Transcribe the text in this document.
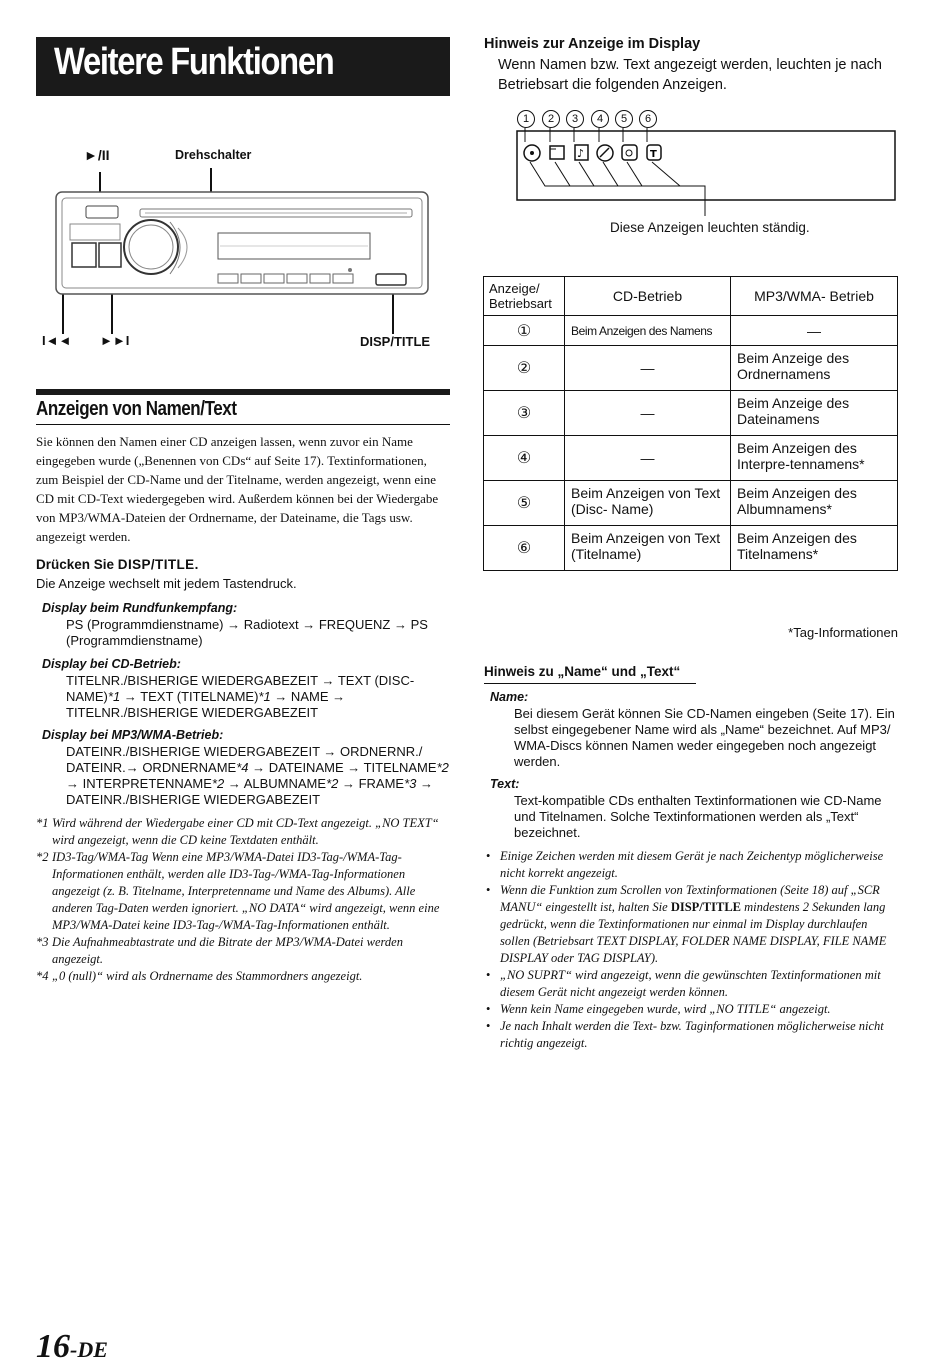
Weitere Funktionen
►/II	Drehschalter
I◄◄ ►►I	DISP/TITLE
Anzeigen von Namen/Text
Sie können den Namen einer CD anzeigen lassen, wenn zuvor ein Name eingegeben wurde („Benennen von CDs“ auf Seite 17). Textinformationen, zum Beispiel der CD-Name und der Titelname, werden angezeigt, wenn eine CD mit CD-Text wiedergegeben wird. Außerdem können bei der Wiedergabe von MP3/WMA-Dateien der Ordnername, der Dateiname, die Tags usw. angezeigt werden.
Drücken Sie DISP/TITLE.
Die Anzeige wechselt mit jedem Tastendruck.
Display beim Rundfunkempfang:
PS (Programmdienstname) → Radiotext → FREQUENZ → PS (Programmdienstname)
Display bei CD-Betrieb:
TITELNR./BISHERIGE WIEDERGABEZEIT → TEXT (DISC-NAME)*1 → TEXT (TITELNAME)*1 → NAME → TITELNR./BISHERIGE WIEDERGABEZEIT
Display bei MP3/WMA-Betrieb:
DATEINR./BISHERIGE WIEDERGABEZEIT → ORDNERNR./ DATEINR.→ ORDNERNAME*4 → DATEINAME → TITELNAME*2 → INTERPRETENNAME*2 → ALBUMNAME*2 → FRAME*3 → DATEINR./BISHERIGE WIEDERGABEZEIT
*1 Wird während der Wiedergabe einer CD mit CD-Text angezeigt. „NO TEXT“ wird angezeigt, wenn die CD keine Textdaten enthält.
*2 ID3-Tag/WMA-Tag Wenn eine MP3/WMA-Datei ID3-Tag-/WMA-Tag-Informationen enthält, werden alle ID3-Tag-/WMA-Tag-Informationen angezeigt (z. B. Titelname, Interpretenname und Name des Albums). Alle anderen Tag-Daten werden ignoriert. „NO DATA“ wird angezeigt, wenn eine MP3/WMA-Datei keine ID3-Tag-/WMA-Tag-Informationen enthält.
*3 Die Aufnahmeabtastrate und die Bitrate der MP3/WMA-Datei werden angezeigt.
*4 „0 (null)“ wird als Ordnername des Stammordners angezeigt.
16-DE
Hinweis zur Anzeige im Display
Wenn Namen bzw. Text angezeigt werden, leuchten je nach Betriebsart die folgenden Anzeigen.
1	2	3	4	5	6
♪	T
Diese Anzeigen leuchten ständig.
Anzeige/ Betriebsart	CD-Betrieb	MP3/WMA- Betrieb
①	Beim Anzeigen des Namens	—
②	—	Beim Anzeige des Ordnernamens
③	—	Beim Anzeige des Dateinamens
④	—	Beim Anzeigen des Interpre-tennamens*
⑤	Beim Anzeigen von Text (Disc- Name)	Beim Anzeigen des Albumnamens*
⑥	Beim Anzeigen von Text (Titelname)	Beim Anzeigen des Titelnamens*
*Tag-Informationen
Hinweis zu „Name“ und „Text“
Name:
Bei diesem Gerät können Sie CD-Namen eingeben (Seite 17). Ein selbst eingegebener Name wird als „Name“ bezeichnet. Auf MP3/ WMA-Discs können Namen weder eingegeben noch angezeigt werden.
Text:
Text-kompatible CDs enthalten Textinformationen wie CD-Name und Titelnamen. Solche Textinformationen werden als „Text“ bezeichnet.
• Einige Zeichen werden mit diesem Gerät je nach Zeichentyp möglicherweise nicht korrekt angezeigt.
• Wenn die Funktion zum Scrollen von Textinformationen (Seite 18) auf „SCR MANU“ eingestellt ist, halten Sie DISP/TITLE mindestens 2 Sekunden lang gedrückt, wenn die Textinformationen nur einmal im Display durchlaufen sollen (Betriebsart TEXT DISPLAY, FOLDER NAME DISPLAY, FILE NAME DISPLAY oder TAG DISPLAY).
• „NO SUPRT“ wird angezeigt, wenn die gewünschten Textinformationen mit diesem Gerät nicht angezeigt werden können.
• Wenn kein Name eingegeben wurde, wird „NO TITLE“ angezeigt.
• Je nach Inhalt werden die Text- bzw. Taginformationen möglicherweise nicht richtig angezeigt.
